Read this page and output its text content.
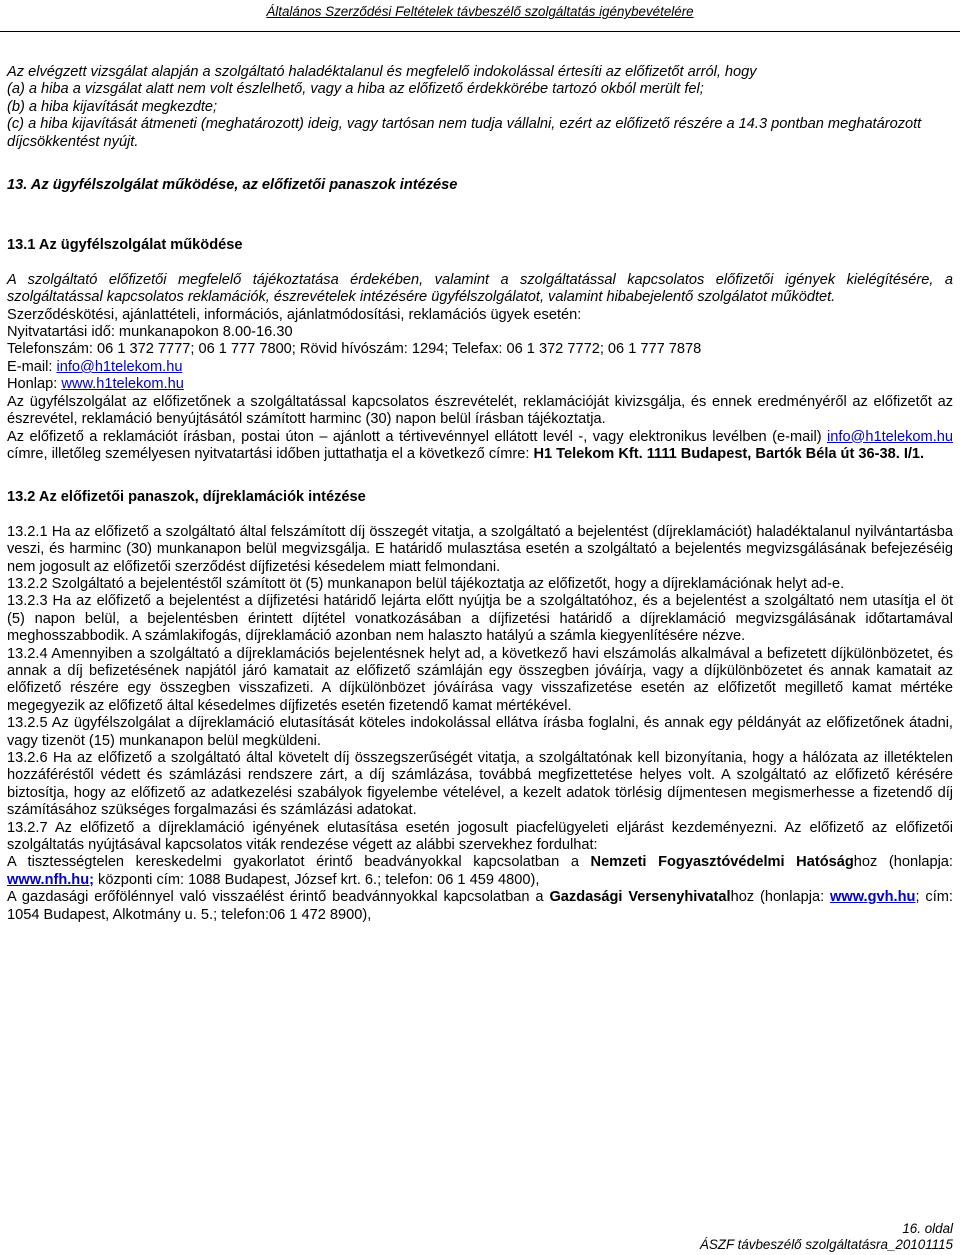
Általános Szerződési Feltételek távbeszélő szolgáltatás igénybevételére

Az elvégzett vizsgálat alapján a szolgáltató haladéktalanul és megfelelő indokolással értesíti az előfizetőt arról, hogy

(a) a hiba a vizsgálat alatt nem volt észlelhető, vagy a hiba az előfizető érdekkörébe tartozó okból merült fel;

(b) a hiba kijavítását megkezdte;

(c) a hiba kijavítását átmeneti (meghatározott) ideig, vagy tartósan nem tudja vállalni, ezért az előfizető részére a 14.3 pontban meghatározott díjcsökkentést nyújt.

13. Az ügyfélszolgálat működése, az előfizetői panaszok intézése

13.1 Az ügyfélszolgálat működése

A szolgáltató előfizetői megfelelő tájékoztatása érdekében, valamint a szolgáltatással kapcsolatos előfizetői igények kielégítésére, a szolgáltatással kapcsolatos reklamációk, észrevételek intézésére ügyfélszolgálatot, valamint hibabejelentő szolgálatot működtet.

Szerződéskötési, ajánlattételi, információs, ajánlatmódosítási, reklamációs ügyek esetén:

Nyitvatartási idő: munkanapokon 8.00-16.30

Telefonszám: 06 1 372 7777; 06 1 777 7800; Rövid hívószám: 1294; Telefax: 06 1 372 7772; 06 1 777 7878

E-mail: info@h1telekom.hu

Honlap: www.h1telekom.hu

Az ügyfélszolgálat az előfizetőnek a szolgáltatással kapcsolatos észrevételét, reklamációját kivizsgálja, és ennek eredményéről az előfizetőt az észrevétel, reklamáció benyújtásától számított harminc (30) napon belül írásban tájékoztatja.

Az előfizető a reklamációt írásban, postai úton – ajánlott a tértivevénnyel ellátott levél -, vagy elektronikus levélben (e-mail) info@h1telekom.hu címre, illetőleg személyesen nyitvatartási időben juttathatja el a következő címre: H1 Telekom Kft. 1111 Budapest, Bartók Béla út 36-38. I/1.

13.2 Az előfizetői panaszok, díjreklamációk intézése

13.2.1 Ha az előfizető a szolgáltató által felszámított díj összegét vitatja, a szolgáltató a bejelentést (díjreklamációt) haladéktalanul nyilvántartásba veszi, és harminc (30) munkanapon belül megvizsgálja. E határidő mulasztása esetén a szolgáltató a bejelentés megvizsgálásának befejezéséig nem jogosult az előfizetői szerződést díjfizetési késedelem miatt felmondani.

13.2.2 Szolgáltató a bejelentéstől számított öt (5) munkanapon belül tájékoztatja az előfizetőt, hogy a díjreklamációnak helyt ad-e.

13.2.3 Ha az előfizető a bejelentést a díjfizetési határidő lejárta előtt nyújtja be a szolgáltatóhoz, és a bejelentést a szolgáltató nem utasítja el öt (5) napon belül, a bejelentésben érintett díjtétel vonatkozásában a díjfizetési határidő a díjreklamáció megvizsgálásának időtartamával meghosszabbodik. A számlakifogás, díjreklamáció azonban nem halaszto hatályú a számla kiegyenlítésére nézve.

13.2.4 Amennyiben a szolgáltató a díjreklamációs bejelentésnek helyt ad, a következő havi elszámolás alkalmával a befizetett díjkülönbözetet, és annak a díj befizetésének napjától járó kamatait az előfizető számláján egy összegben jóváírja, vagy a díjkülönbözetet és annak kamatait az előfizető részére egy összegben visszafizeti. A díjkülönbözet jóváírása vagy visszafizetése esetén az előfizetőt megillető kamat mértéke megegyezik az előfizető által késedelmes díjfizetés esetén fizetendő kamat mértékével.

13.2.5 Az ügyfélszolgálat a díjreklamáció elutasítását köteles indokolással ellátva írásba foglalni, és annak egy példányát az előfizetőnek átadni, vagy tizenöt (15) munkanapon belül megküldeni.

13.2.6 Ha az előfizető a szolgáltató által követelt díj összegszerűségét vitatja, a szolgáltatónak kell bizonyítania, hogy a hálózata az illetéktelen hozzáféréstől védett és számlázási rendszere zárt, a díj számlázása, továbbá megfizettetése helyes volt. A szolgáltató az előfizető kérésére biztosítja, hogy az előfizető az adatkezelési szabályok figyelembe vételével, a kezelt adatok törlésig díjmentesen megismerhesse a fizetendő díj számításához szükséges forgalmazási és számlázási adatokat.

13.2.7 Az előfizető a díjreklamáció igényének elutasítása esetén jogosult piacfelügyeleti eljárást kezdeményezni. Az előfizető az előfizetői szolgáltatás nyújtásával kapcsolatos viták rendezése végett az alábbi szervekhez fordulhat:

A tisztességtelen kereskedelmi gyakorlatot érintő beadványokkal kapcsolatban a Nemzeti Fogyasztóvédelmi Hatósághoz (honlapja: www.nfh.hu; központi cím: 1088 Budapest, József krt. 6.; telefon: 06 1 459 4800),

A gazdasági erőfölénnyel való visszaélést érintő beadvánnyokkal kapcsolatban a Gazdasági Versenyhivatalhoz (honlapja: www.gvh.hu; cím: 1054 Budapest, Alkotmány u. 5.; telefon:06 1 472 8900),

16. oldal
ÁSZF távbeszélő szolgáltatásra_20101115
